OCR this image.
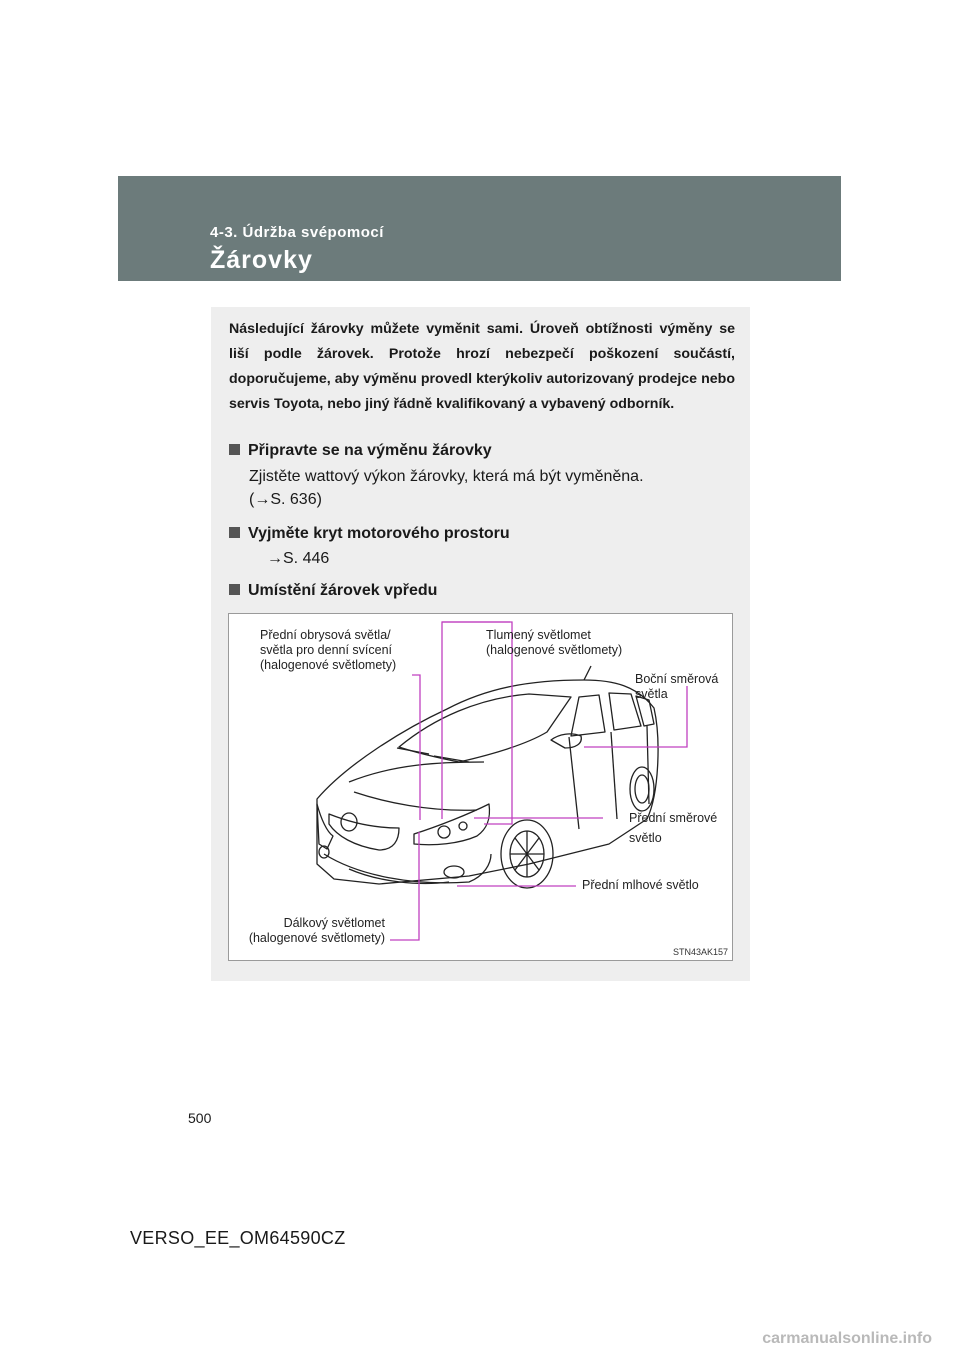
4-3. Údržba svépomocí
Žárovky

Následující žárovky můžete vyměnit sami. Úroveň obtížnosti výměny se liší podle žárovek. Protože hrozí nebezpečí poškození součástí, doporučujeme, aby výměnu provedl kterýkoliv autorizovaný prodejce nebo servis Toyota, nebo jiný řádně kvalifikovaný a vybavený odborník.

Připravte se na výměnu žárovky
Zjistěte wattový výkon žárovky, která má být vyměněna.
(→S. 636)
Vyjměte kryt motorového prostoru
→S. 446
Umístění žárovek vpředu
Přední obrysová světla/
světla pro denní svícení
(halogenové světlomety)
Tlumený světlomet
(halogenové světlomety)
Boční směrová
světla
Přední směrové
světlo
Přední mlhové světlo
Dálkový světlomet
(halogenové světlomety)
STN43AK157
500
VERSO_EE_OM64590CZ
carmanualsonline.info
